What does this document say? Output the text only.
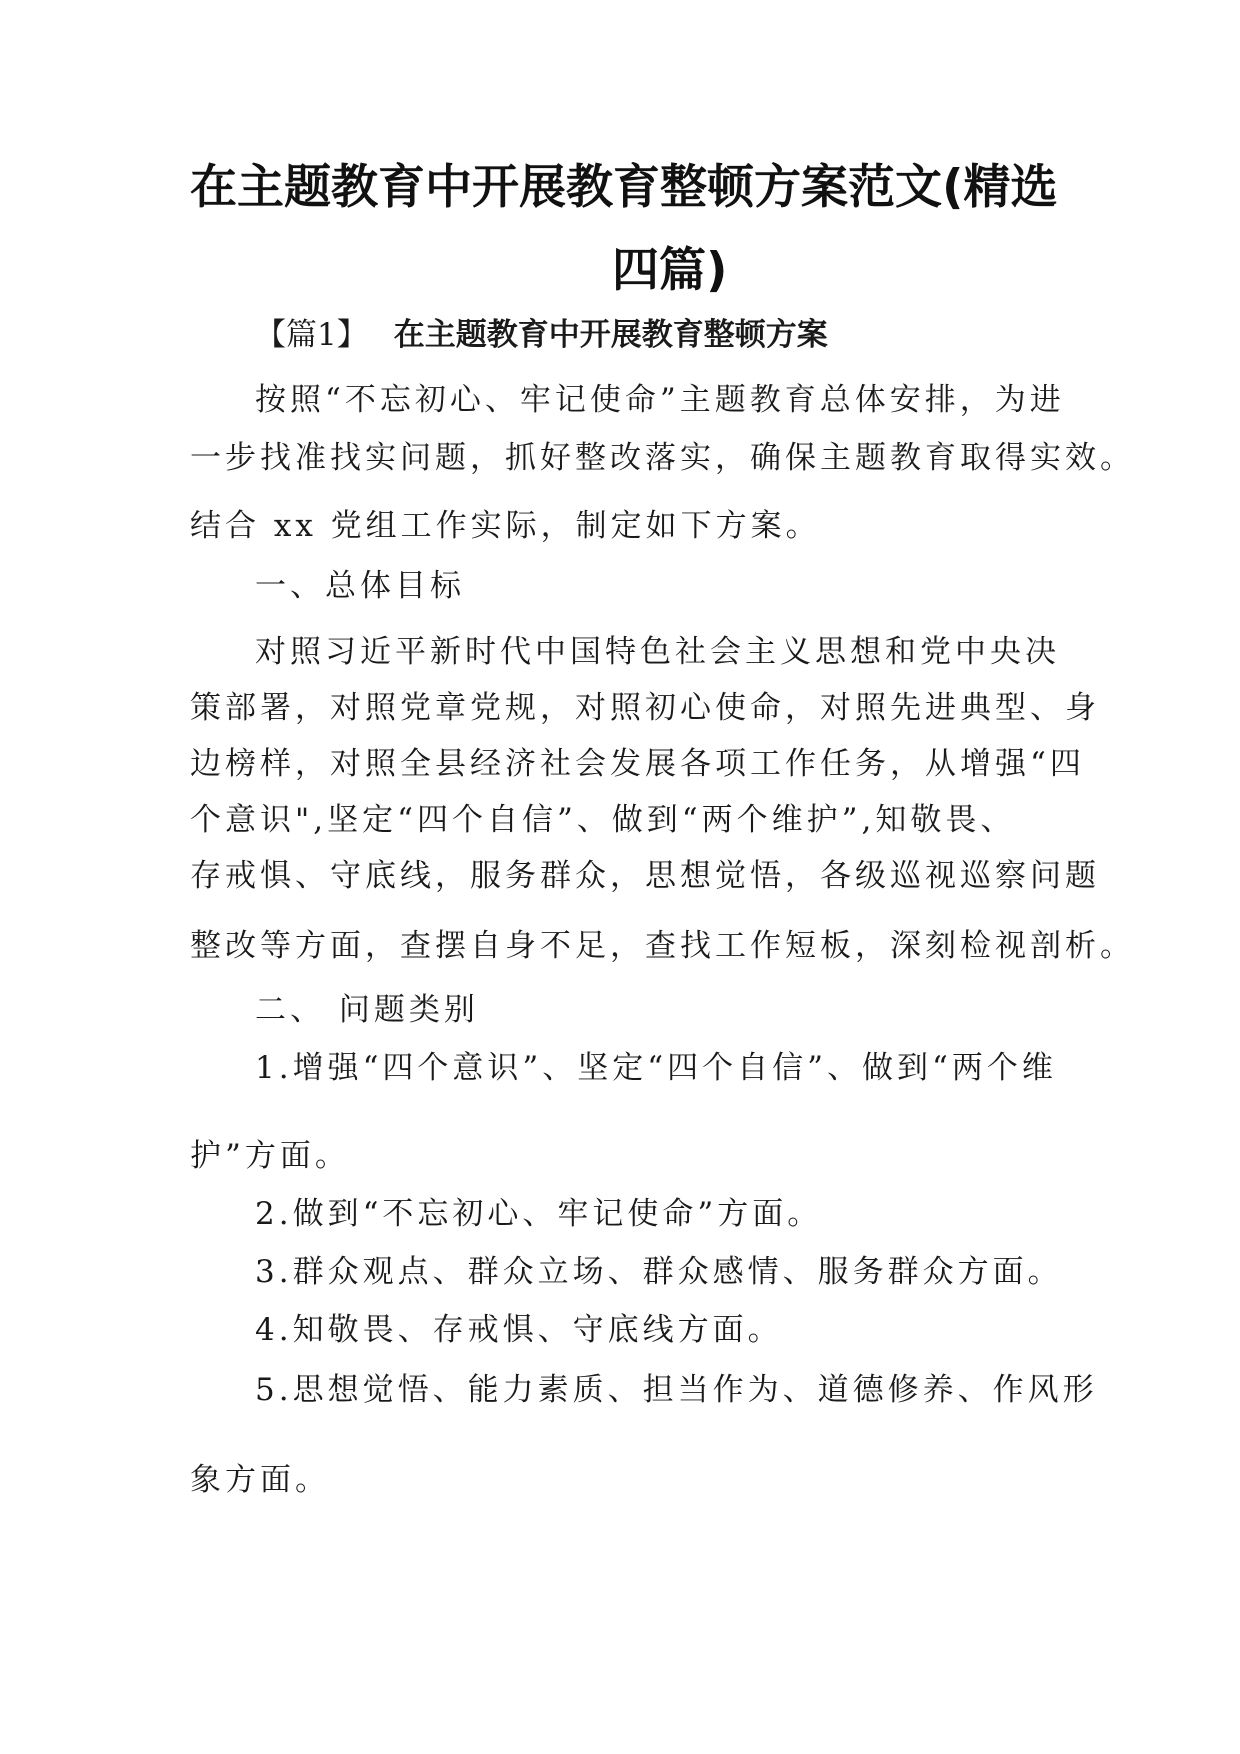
在主题教育中开展教育整顿方案范文(精选
四篇)
【篇1】 在主题教育中开展教育整顿方案
按照“不忘初心、牢记使命”主题教育总体安排，为进
一步找准找实问题，抓好整改落实，确保主题教育取得实效。
结合 xx 党组工作实际，制定如下方案。
一、总体目标
对照习近平新时代中国特色社会主义思想和党中央决
策部署，对照党章党规，对照初心使命，对照先进典型、身
边榜样，对照全县经济社会发展各项工作任务，从增强“四
个意识",坚定“四个自信”、做到“两个维护”,知敬畏、
存戒惧、守底线，服务群众，思想觉悟，各级巡视巡察问题
整改等方面，查摆自身不足，查找工作短板，深刻检视剖析。
二、 问题类别
1.增强“四个意识”、坚定“四个自信”、做到“两个维
护”方面。
2.做到“不忘初心、牢记使命”方面。
3.群众观点、群众立场、群众感情、服务群众方面。
4.知敬畏、存戒惧、守底线方面。
5.思想觉悟、能力素质、担当作为、道德修养、作风形
象方面。
